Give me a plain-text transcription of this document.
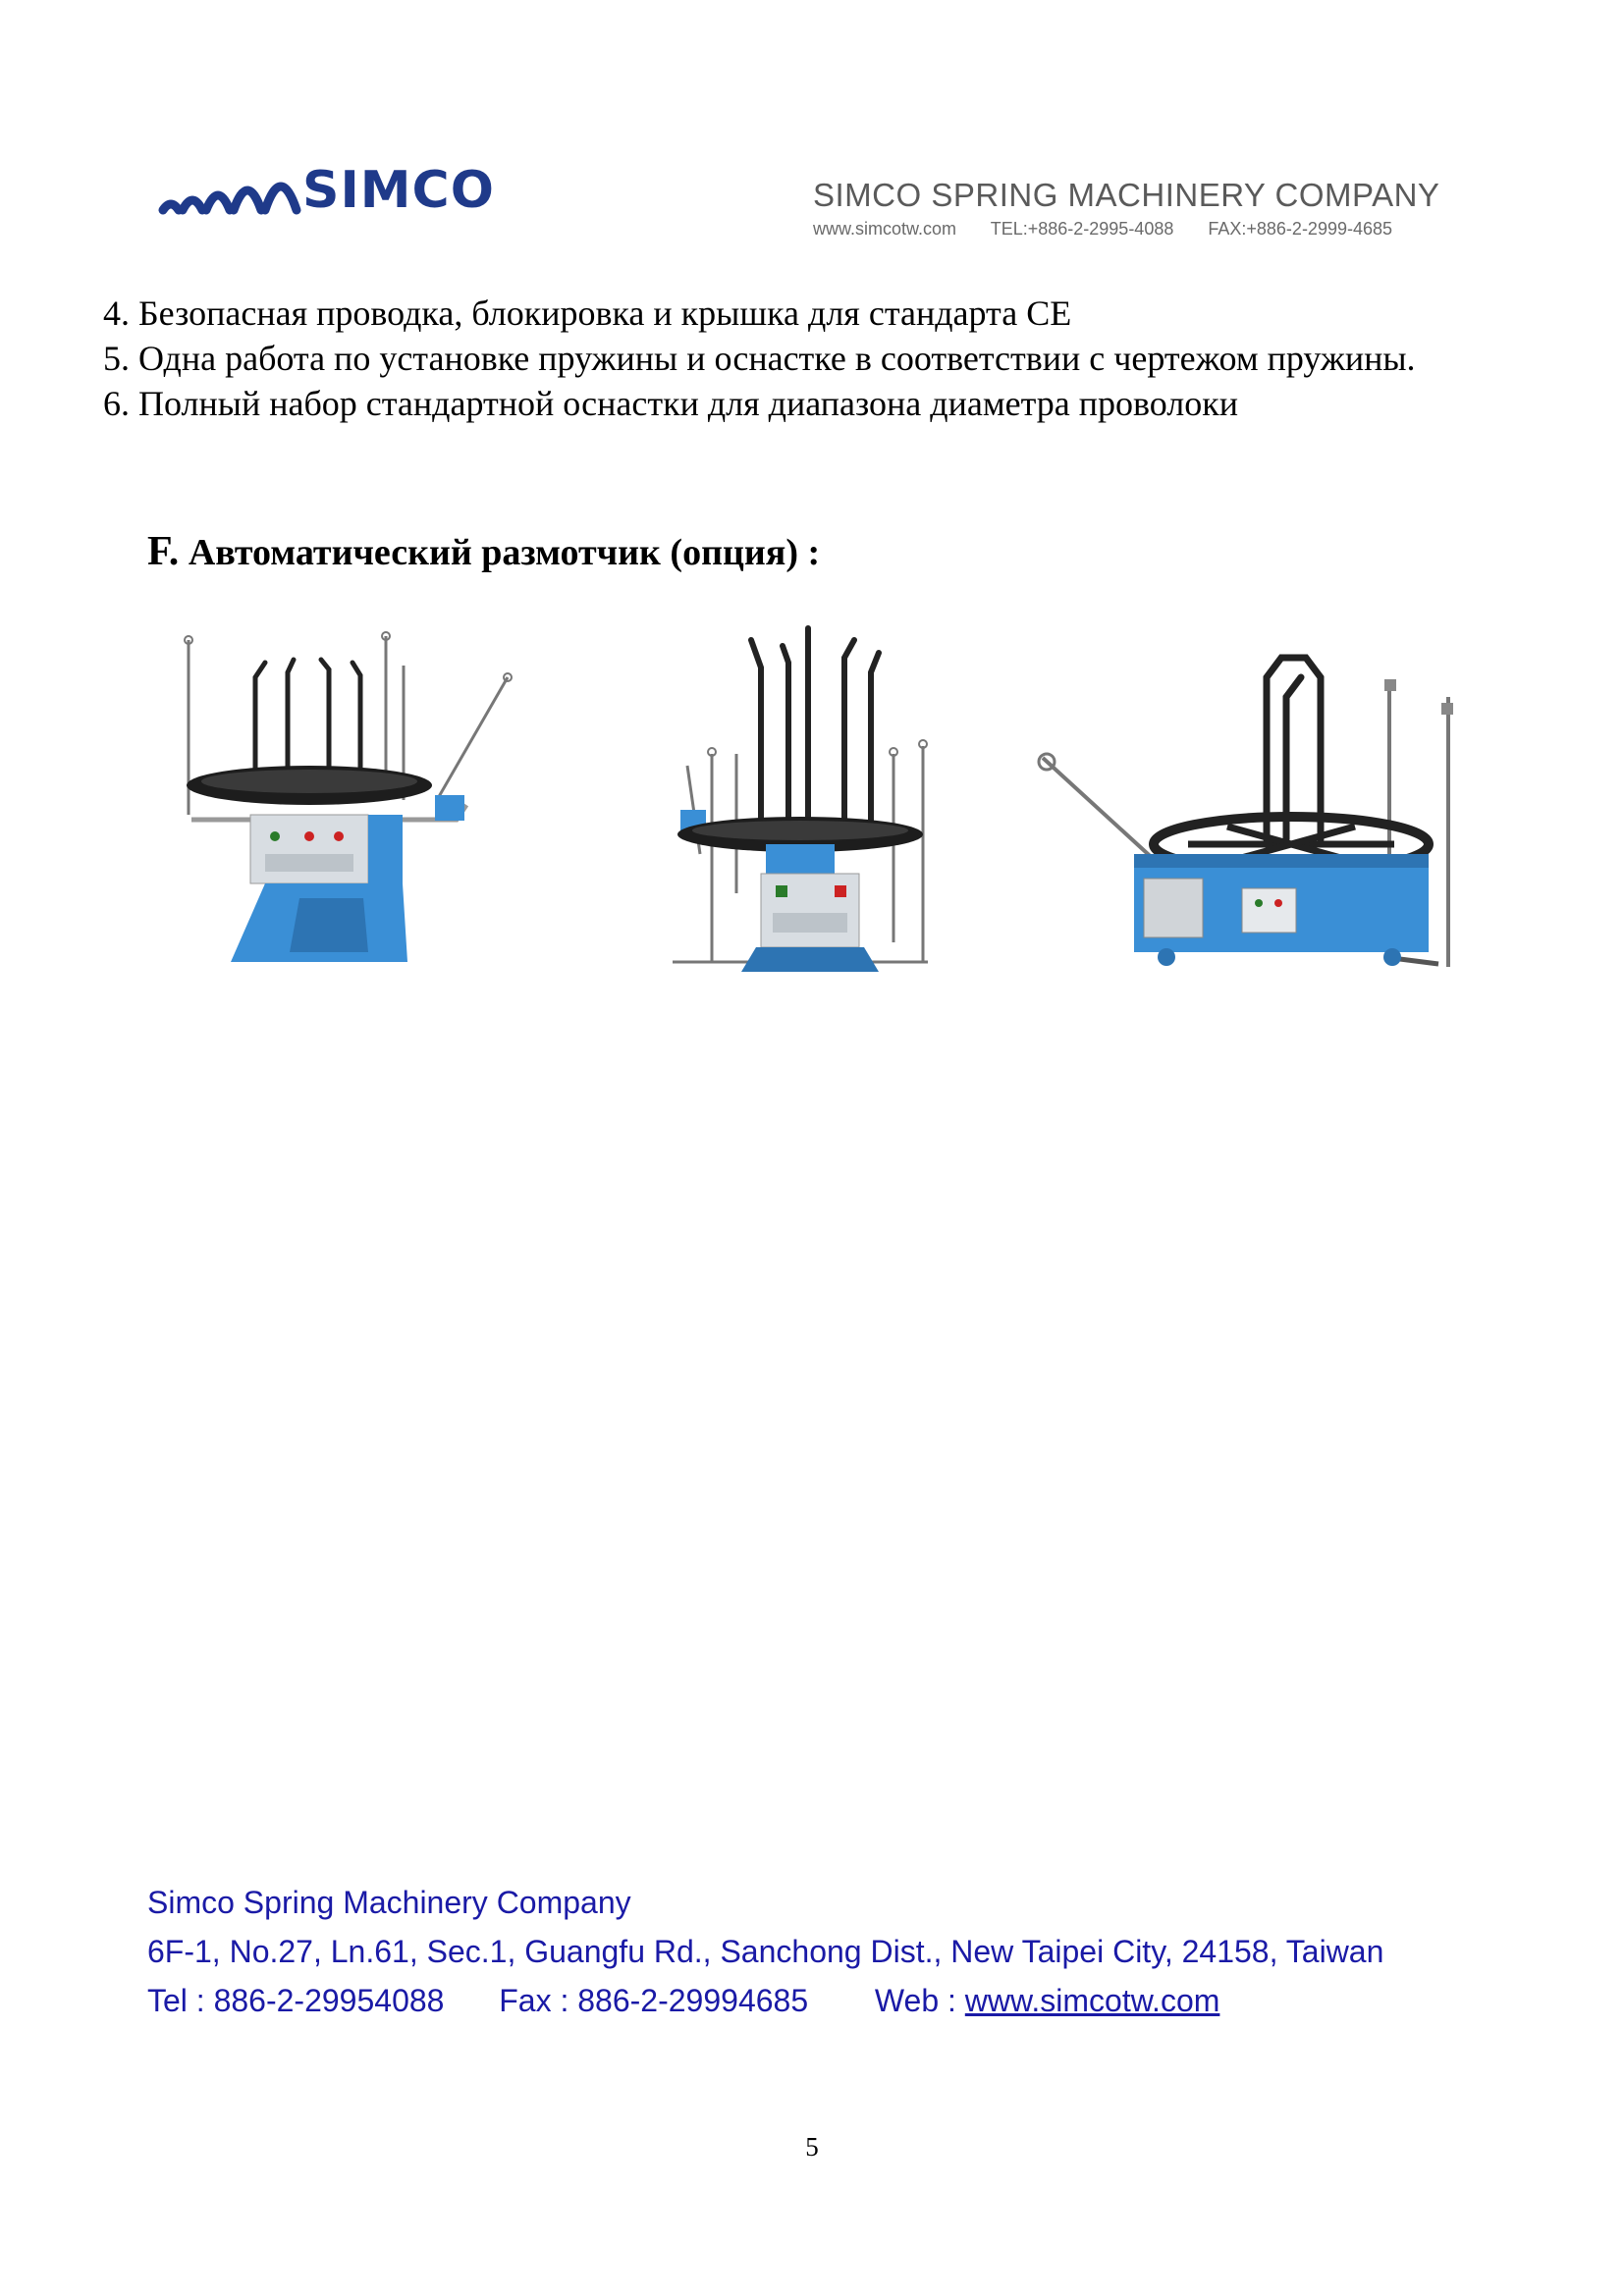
SIMCO	SIMCO SPRING MACHINERY COMPANY
www.simcotw.com TEL:+886-2-2995-4088 FAX:+886-2-2999-4685
4. Безопасная проводка, блокировка и крышка для стандарта CE
5. Одна работа по установке пружины и оснастке в соответствии с чертежом пружины.
6. Полный набор стандартной оснастки для диапазона диаметра проволоки
F. Автоматический размотчик (опция) :
Simco Spring Machinery Company
6F-1, No.27, Ln.61, Sec.1, Guangfu Rd., Sanchong Dist., New Taipei City, 24158, Taiwan
Tel : 886-2-29954088 Fax : 886-2-29994685 Web : www.simcotw.com
5
